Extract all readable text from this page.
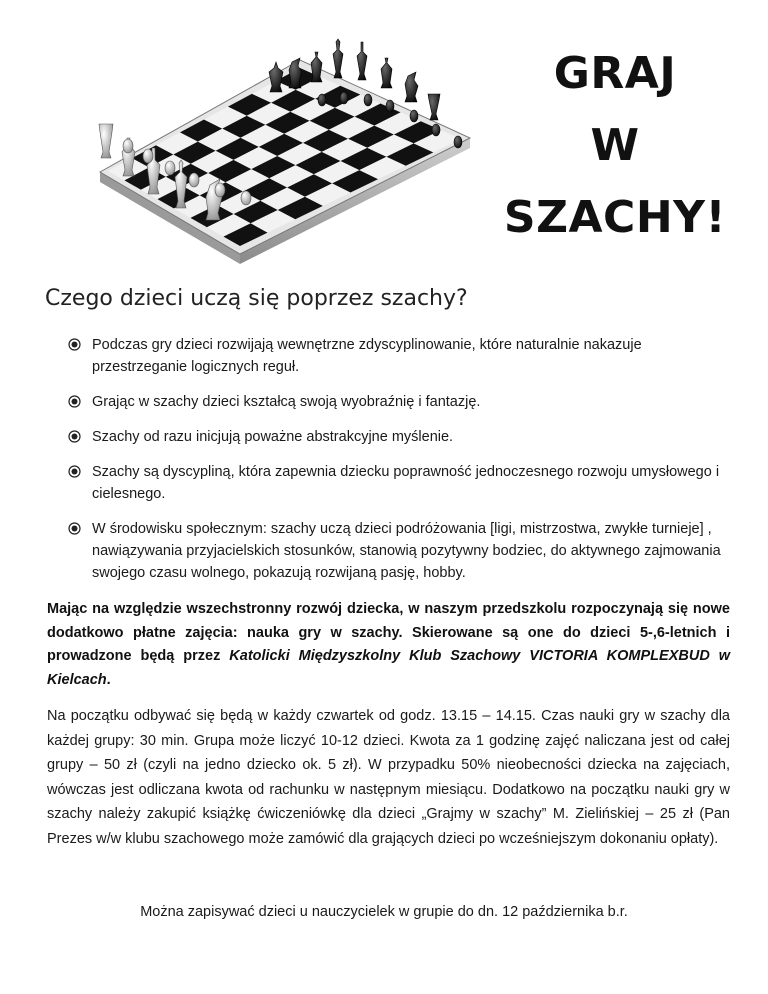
GRAJ
W
SZACHY!
Czego dzieci uczą się poprzez szachy?
Podczas gry dzieci rozwijają wewnętrzne zdyscyplinowanie, które naturalnie nakazuje przestrzeganie logicznych reguł.
Grając w szachy dzieci kształcą swoją wyobraźnię i fantazję.
Szachy od razu inicjują poważne abstrakcyjne myślenie.
Szachy są dyscypliną, która zapewnia dziecku poprawność jednoczesnego rozwoju umysłowego i cielesnego.
W środowisku społecznym: szachy uczą dzieci podróżowania [ligi, mistrzostwa, zwykłe turnieje] , nawiązywania przyjacielskich stosunków, stanowią pozytywny bodziec, do aktywnego zajmowania swojego czasu wolnego, pokazują rozwijaną pasję, hobby.
Mając na względzie wszechstronny rozwój dziecka, w naszym przedszkolu rozpoczynają się nowe dodatkowo płatne zajęcia: nauka gry w szachy. Skierowane są one do dzieci 5-,6-letnich i prowadzone będą przez Katolicki Międzyszkolny Klub Szachowy VICTORIA KOMPLEXBUD w Kielcach.
Na początku odbywać się będą w każdy czwartek od godz. 13.15 – 14.15. Czas nauki gry w szachy dla każdej grupy: 30 min. Grupa może liczyć 10-12 dzieci. Kwota za 1 godzinę zajęć naliczana jest od całej grupy – 50 zł (czyli na jedno dziecko ok. 5 zł). W przypadku 50% nieobecności dziecka na zajęciach, wówczas jest odliczana kwota od rachunku w następnym miesiącu. Dodatkowo na początku nauki gry w szachy należy zakupić książkę ćwiczeniówkę dla dzieci „Grajmy w szachy” M. Zielińskiej – 25 zł (Pan Prezes w/w klubu szachowego może zamówić dla grających dzieci po wcześniejszym dokonaniu opłaty).
Można zapisywać dzieci u nauczycielek w grupie do dn. 12 października b.r.
